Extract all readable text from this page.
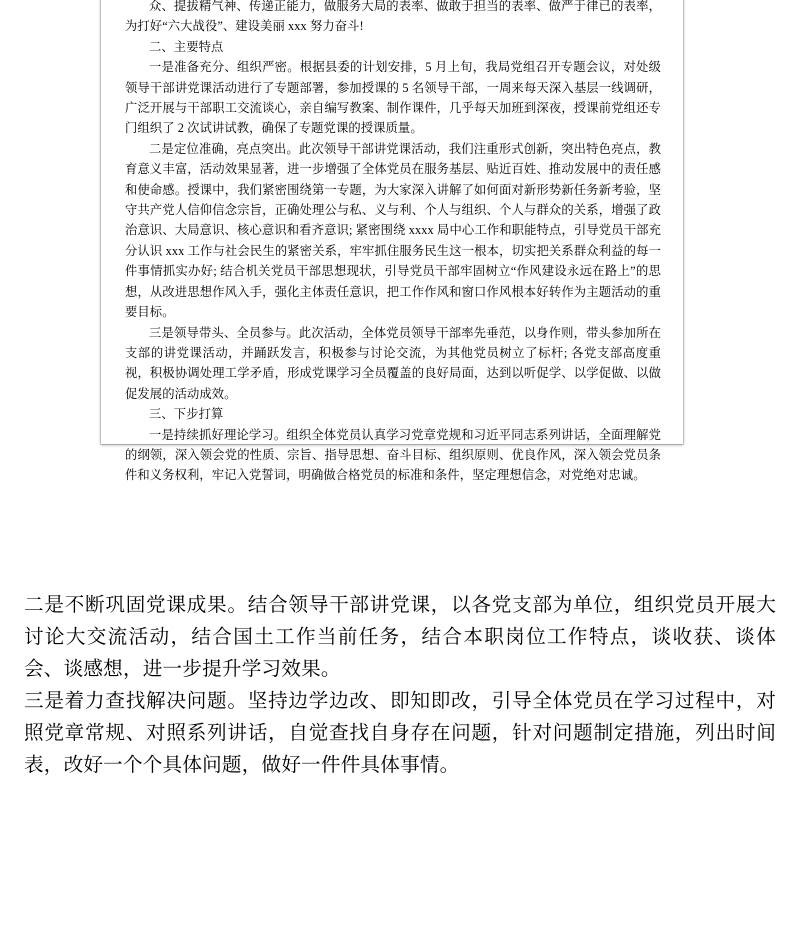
众、提拔精气神、传递正能力，做服务大局的表率、做敢于担当的表率、做严于律已的表率，为打好“六大战役”、建设美丽 xxx 努力奋斗!

二、主要特点

一是准备充分、组织严密。根据县委的计划安排，5 月上旬，我局党组召开专题会议，对处级领导干部讲党课活动进行了专题部署，参加授课的 5 名领导干部，一周来每天深入基层一线调研，广泛开展与干部职工交流谈心，亲自编写教案、制作课件，几乎每天加班到深夜，授课前党组还专门组织了 2 次试讲试教，确保了专题党课的授课质量。

二是定位准确，亮点突出。此次领导干部讲党课活动，我们注重形式创新，突出特色亮点，教育意义丰富，活动效果显著，进一步增强了全体党员在服务基层、贴近百姓、推动发展中的责任感和使命感。授课中，我们紧密围绕第一专题，为大家深入讲解了如何面对新形势新任务新考验，坚守共产党人信仰信念宗旨，正确处理公与私、义与利、个人与组织、个人与群众的关系，增强了政治意识、大局意识、核心意识和看齐意识; 紧密围绕 xxxx 局中心工作和职能特点，引导党员干部充分认识 xxx 工作与社会民生的紧密关系，牢牢抓住服务民生这一根本，切实把关系群众利益的每一件事情抓实办好; 结合机关党员干部思想现状，引导党员干部牢固树立“作风建设永远在路上”的思想，从改进思想作风入手，强化主体责任意识，把工作作风和窗口作风根本好转作为主题活动的重要目标。

三是领导带头、全员参与。此次活动，全体党员领导干部率先垂范，以身作则，带头参加所在支部的讲党课活动，并踊跃发言，积极参与讨论交流，为其他党员树立了标杆; 各党支部高度重视，积极协调处理工学矛盾，形成党课学习全员覆盖的良好局面，达到以听促学、以学促做、以做促发展的活动成效。

三、下步打算

一是持续抓好理论学习。组织全体党员认真学习党章党规和习近平同志系列讲话，全面理解党的纲领，深入领会党的性质、宗旨、指导思想、奋斗目标、组织原则、优良作风，深入领会党员条件和义务权利，牢记入党誓词，明确做合格党员的标准和条件，坚定理想信念，对党绝对忠诚。

二是不断巩固党课成果。结合领导干部讲党课，以各党支部为单位，组织党员开展大讨论大交流活动，结合国土工作当前任务，结合本职岗位工作特点，谈收获、谈体会、谈感想，进一步提升学习效果。

三是着力查找解决问题。坚持边学边改、即知即改，引导全体党员在学习过程中，对照党章常规、对照系列讲话，自觉查找自身存在问题，针对问题制定措施，列出时间表，改好一个个具体问题，做好一件件具体事情。
